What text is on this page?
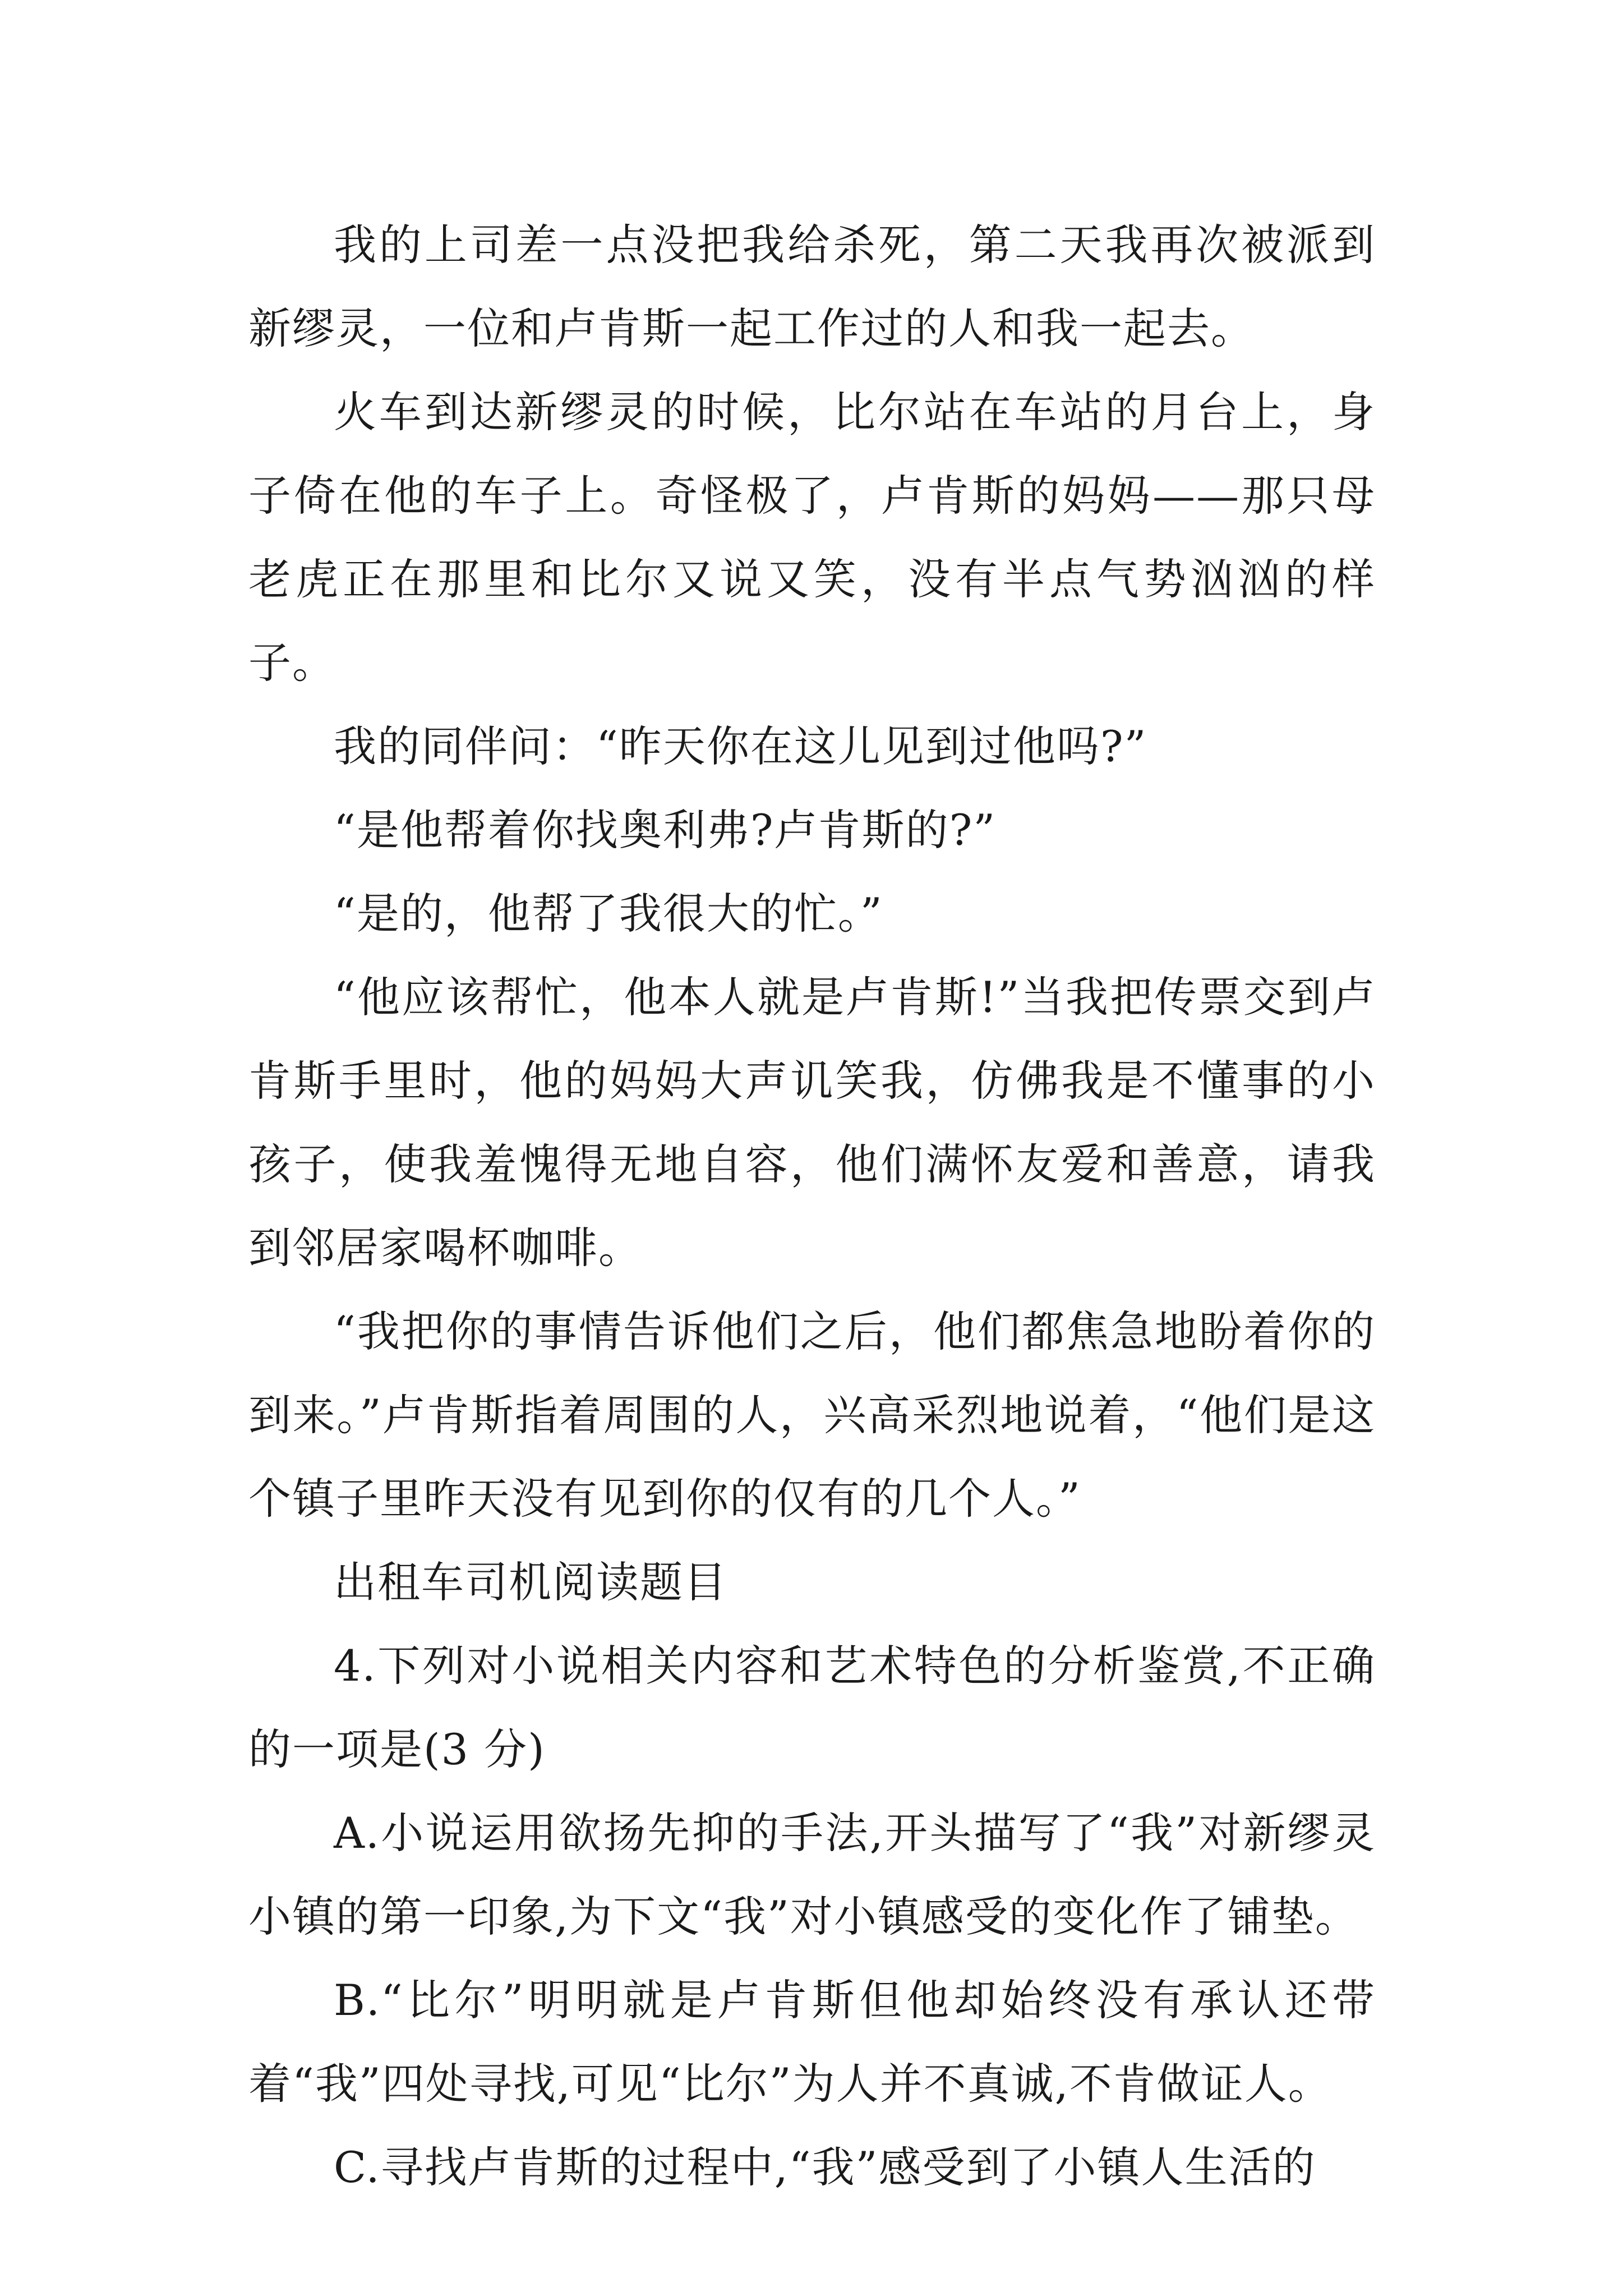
我的上司差一点没把我给杀死，第二天我再次被派到新缪灵，一位和卢肯斯一起工作过的人和我一起去。

火车到达新缪灵的时候，比尔站在车站的月台上，身子倚在他的车子上。奇怪极了，卢肯斯的妈妈——那只母老虎正在那里和比尔又说又笑，没有半点气势汹汹的样子。

我的同伴问：“昨天你在这儿见到过他吗?”

“是他帮着你找奥利弗?卢肯斯的?”

“是的，他帮了我很大的忙。”

“他应该帮忙，他本人就是卢肯斯!”当我把传票交到卢肯斯手里时，他的妈妈大声讥笑我，仿佛我是不懂事的小孩子，使我羞愧得无地自容，他们满怀友爱和善意，请我到邻居家喝杯咖啡。

“我把你的事情告诉他们之后，他们都焦急地盼着你的到来。”卢肯斯指着周围的人，兴高采烈地说着，“他们是这个镇子里昨天没有见到你的仅有的几个人。”

出租车司机阅读题目

4.下列对小说相关内容和艺术特色的分析鉴赏,不正确的一项是(3 分)

A.小说运用欲扬先抑的手法,开头描写了“我”对新缪灵小镇的第一印象,为下文“我”对小镇感受的变化作了铺垫。

B.“比尔”明明就是卢肯斯但他却始终没有承认还带着“我”四处寻找,可见“比尔”为人并不真诚,不肯做证人。

C.寻找卢肯斯的过程中,“我”感受到了小镇人生活的
